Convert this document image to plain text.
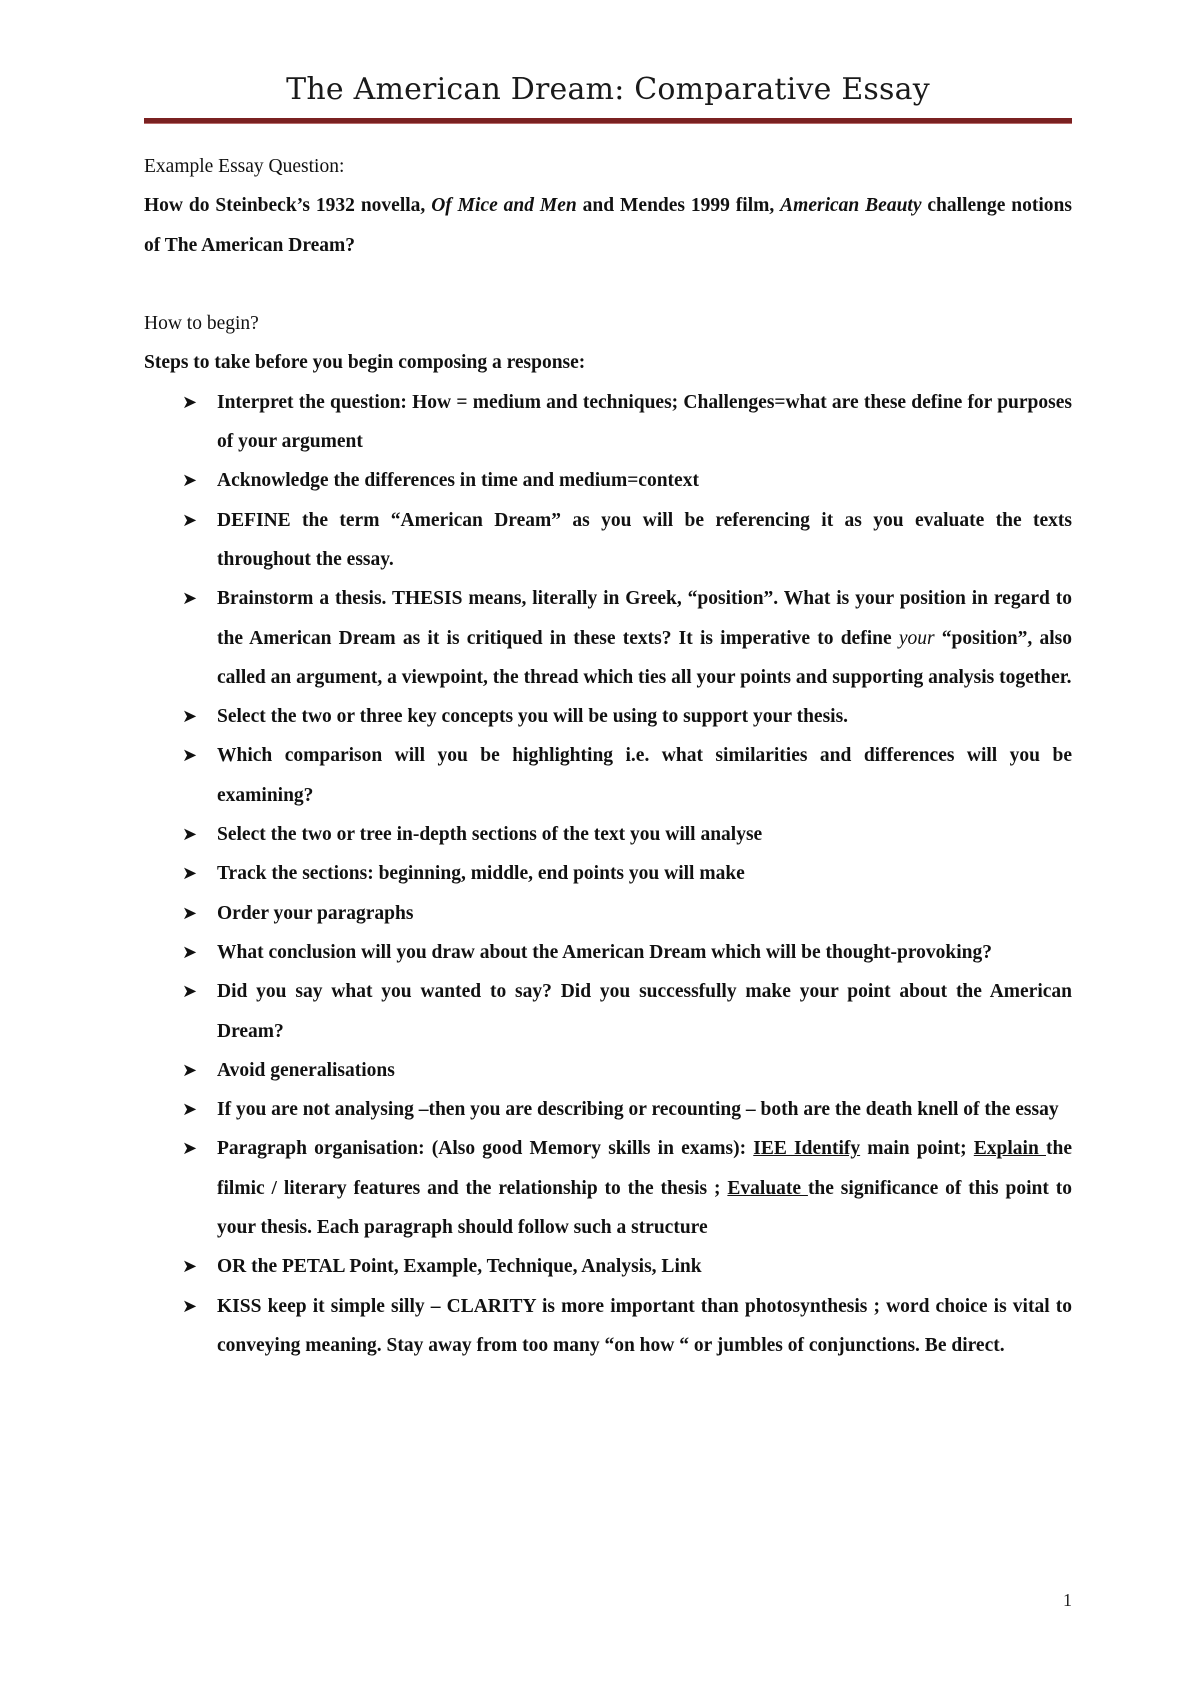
The American Dream: Comparative Essay

Example Essay Question:

How do Steinbeck’s 1932 novella, Of Mice and Men and Mendes 1999 film, American Beauty challenge notions of The American Dream?

How to begin?

Steps to take before you begin composing a response:

➤ Interpret the question: How = medium and techniques; Challenges=what are these define for purposes of your argument
➤ Acknowledge the differences in time and medium=context
➤ DEFINE the term “American Dream” as you will be referencing it as you evaluate the texts throughout the essay.
➤ Brainstorm a thesis. THESIS means, literally in Greek, “position”. What is your position in regard to the American Dream as it is critiqued in these texts? It is imperative to define your “position”, also called an argument, a viewpoint, the thread which ties all your points and supporting analysis together.
➤ Select the two or three key concepts you will be using to support your thesis.
➤ Which comparison will you be highlighting i.e. what similarities and differences will you be examining?
➤ Select the two or tree in-depth sections of the text you will analyse
➤ Track the sections: beginning, middle, end points you will make
➤ Order your paragraphs
➤ What conclusion will you draw about the American Dream which will be thought-provoking?
➤ Did you say what you wanted to say? Did you successfully make your point about the American Dream?
➤ Avoid generalisations
➤ If you are not analysing –then you are describing or recounting – both are the death knell of the essay
➤ Paragraph organisation: (Also good Memory skills in exams): IEE Identify main point; Explain the filmic / literary features and the relationship to the thesis ; Evaluate the significance of this point to your thesis. Each paragraph should follow such a structure
➤ OR the PETAL Point, Example, Technique, Analysis, Link
➤ KISS keep it simple silly – CLARITY is more important than photosynthesis ; word choice is vital to conveying meaning. Stay away from too many “on how “ or jumbles of conjunctions. Be direct.
1
